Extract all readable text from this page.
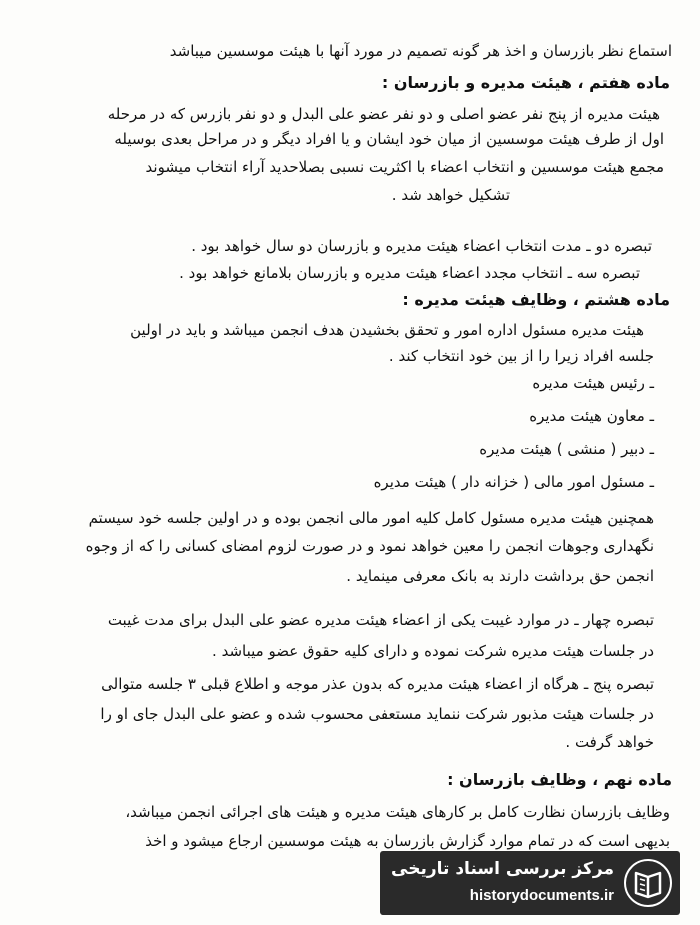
استماع نظر بازرسان و اخذ هر گونه تصمیم در مورد آنها با هیئت موسسین میباشد
ماده هفتم ، هیئت مدیره و بازرسان :
هیئت مدیره از پنج نفر عضو اصلی و دو نفر عضو علی البدل و دو نفر بازرس که در مرحله
اول از طرف هیئت موسسین از میان خود ایشان و یا افراد دیگر و در مراحل بعدی بوسیله
مجمع هیئت موسسین و انتخاب اعضاء با اکثریت نسبی بصلاحدید آراء انتخاب میشوند
تشکیل خواهد شد .
تبصره دو ـ مدت انتخاب اعضاء هیئت مدیره و بازرسان دو سال خواهد بود .
تبصره سه ـ انتخاب مجدد اعضاء هیئت مدیره و بازرسان بلامانع خواهد بود .
ماده هشتم ، وظایف هیئت مدیره :
هیئت مدیره مسئول اداره امور و تحقق بخشیدن هدف انجمن میباشد و باید در اولین
جلسه افراد زیرا را از بین خود انتخاب کند .
ـ رئیس هیئت مدیره
ـ معاون هیئت مدیره
ـ دبیر ( منشی ) هیئت مدیره
ـ مسئول امور مالی ( خزانه دار ) هیئت مدیره
همچنین هیئت مدیره مسئول کامل کلیه امور مالی انجمن بوده و در اولین جلسه خود سیستم
نگهداری وجوهات انجمن را معین خواهد نمود و در صورت لزوم امضای کسانی را که از وجوه
انجمن حق برداشت دارند به بانک معرفی مینماید .
تبصره چهار ـ در موارد غیبت یکی از اعضاء هیئت مدیره عضو علی البدل برای مدت غیبت
در جلسات هیئت مدیره شرکت نموده و دارای کلیه حقوق عضو میباشد .
تبصره پنج ـ هرگاه از اعضاء هیئت مدیره که بدون عذر موجه و اطلاع قبلی ۳ جلسه متوالی
در جلسات هیئت مذبور شرکت ننماید مستعفی محسوب شده و عضو علی البدل جای او را
خواهد گرفت .
ماده نهم ، وظایف بازرسان :
وظایف بازرسان نظارت کامل بر کارهای هیئت مدیره و هیئت های اجرائی انجمن میباشد،
بدیهی است که در تمام موارد گزارش بازرسان به هیئت موسسین ارجاع میشود و اخذ
مرکز بررسی اسناد تاریخی
historydocuments.ir
